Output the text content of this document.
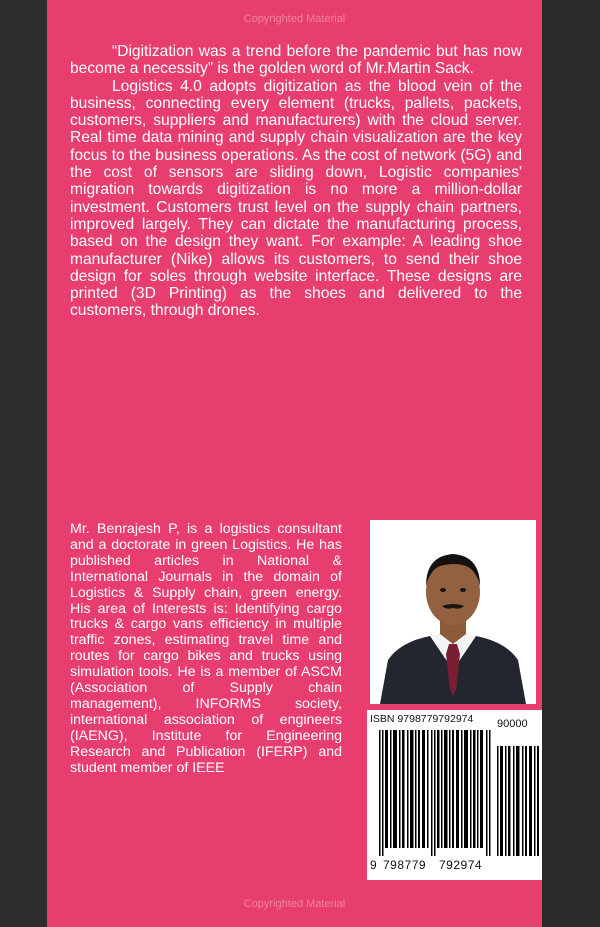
Copyrighted Material

“Digitization was a trend before the pandemic but has now become a necessity” is the golden word of Mr.Martin Sack.

Logistics 4.0 adopts digitization as the blood vein of the business, connecting every element (trucks, pallets, packets, customers, suppliers and manufacturers) with the cloud server. Real time data mining and supply chain visualization are the key focus to the business operations. As the cost of network (5G) and the cost of sensors are sliding down, Logistic companies' migration towards digitization is no more a million-dollar investment. Customers trust level on the supply chain partners, improved largely. They can dictate the manufacturing process, based on the design they want. For example: A leading shoe manufacturer (Nike) allows its customers, to send their shoe design for soles through website interface. These designs are printed (3D Printing) as the shoes and delivered to the customers, through drones.

Mr. Benrajesh P, is a logistics consultant and a doctorate in green Logistics. He has published articles in National & International Journals in the domain of Logistics & Supply chain, green energy. His area of Interests is: Identifying cargo trucks & cargo vans efficiency in multiple traffic zones, estimating travel time and routes for cargo bikes and trucks using simulation tools. He is a member of ASCM (Association of Supply chain management), INFORMS society, international association of engineers (IAENG), Institute for Engineering Research and Publication (IFERP) and student member of IEEE
ISBN 9798779792974 90000
9 798779 792974
Copyrighted Material
